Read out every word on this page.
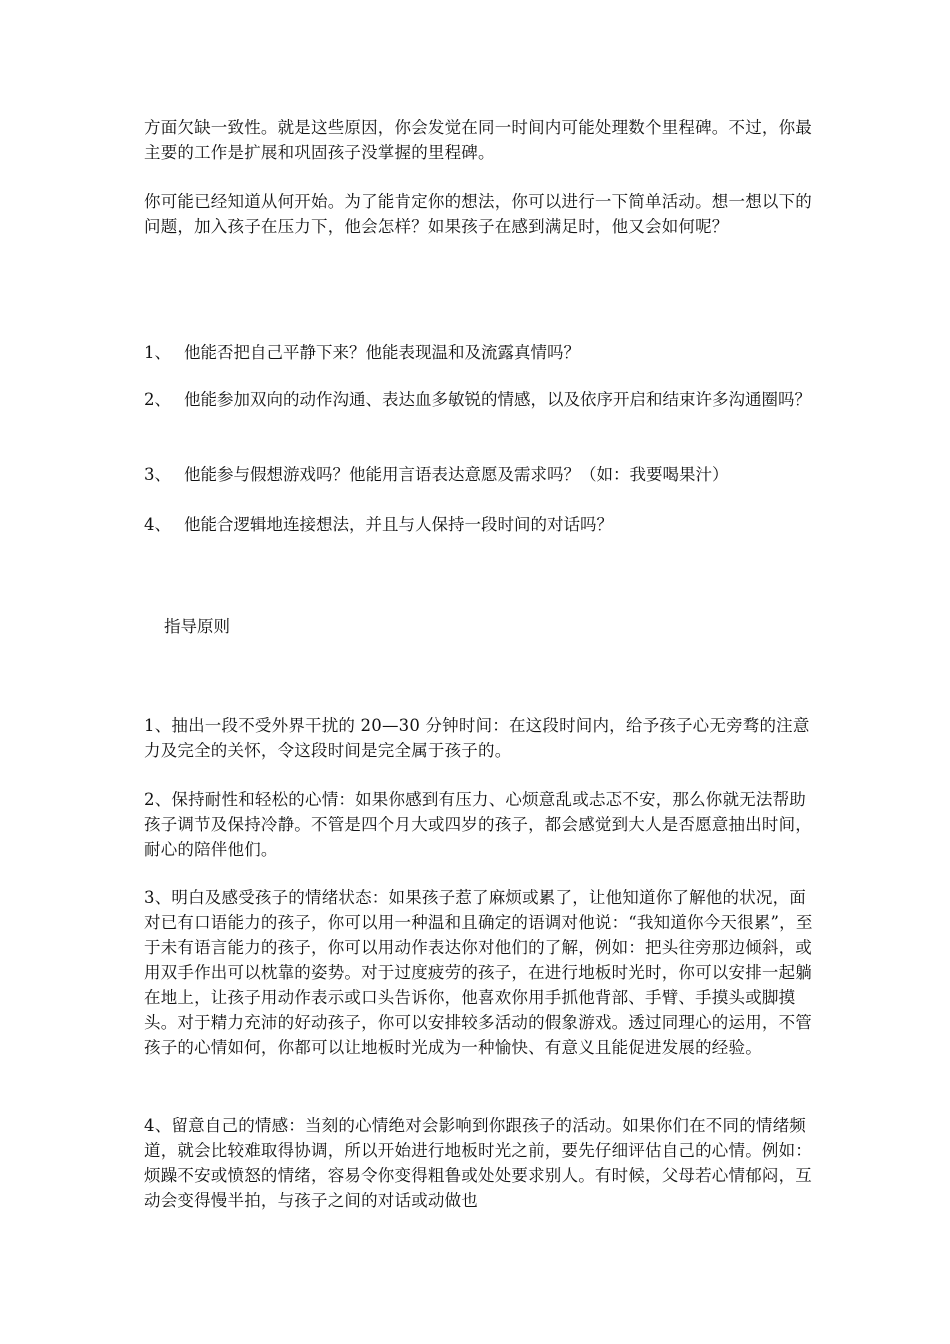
方面欠缺一致性。就是这些原因，你会发觉在同一时间内可能处理数个里程碑。不过，你最主要的工作是扩展和巩固孩子没掌握的里程碑。

你可能已经知道从何开始。为了能肯定你的想法，你可以进行一下简单活动。想一想以下的问题，加入孩子在压力下，他会怎样？如果孩子在感到满足时，他又会如何呢？

1、 他能否把自己平静下来？他能表现温和及流露真情吗？
2、 他能参加双向的动作沟通、表达血多敏锐的情感，以及依序开启和结束许多沟通圈吗？
3、 他能参与假想游戏吗？他能用言语表达意愿及需求吗？（如：我要喝果汁）
4、 他能合逻辑地连接想法，并且与人保持一段时间的对话吗？
指导原则

1、抽出一段不受外界干扰的 20—30 分钟时间：在这段时间内，给予孩子心无旁骛的注意力及完全的关怀，令这段时间是完全属于孩子的。

2、保持耐性和轻松的心情：如果你感到有压力、心烦意乱或忐忑不安，那么你就无法帮助孩子调节及保持冷静。不管是四个月大或四岁的孩子，都会感觉到大人是否愿意抽出时间，耐心的陪伴他们。

3、明白及感受孩子的情绪状态：如果孩子惹了麻烦或累了，让他知道你了解他的状况，面对已有口语能力的孩子，你可以用一种温和且确定的语调对他说：“我知道你今天很累”，至于未有语言能力的孩子，你可以用动作表达你对他们的了解，例如：把头往旁那边倾斜，或用双手作出可以枕靠的姿势。对于过度疲劳的孩子，在进行地板时光时，你可以安排一起躺在地上，让孩子用动作表示或口头告诉你，他喜欢你用手抓他背部、手臂、手摸头或脚摸头。对于精力充沛的好动孩子，你可以安排较多活动的假象游戏。透过同理心的运用，不管孩子的心情如何，你都可以让地板时光成为一种愉快、有意义且能促进发展的经验。

4、留意自己的情感：当刻的心情绝对会影响到你跟孩子的活动。如果你们在不同的情绪频道，就会比较难取得协调，所以开始进行地板时光之前，要先仔细评估自己的心情。例如：烦躁不安或愤怒的情绪，容易令你变得粗鲁或处处要求别人。有时候，父母若心情郁闷，互动会变得慢半拍，与孩子之间的对话或动做也
